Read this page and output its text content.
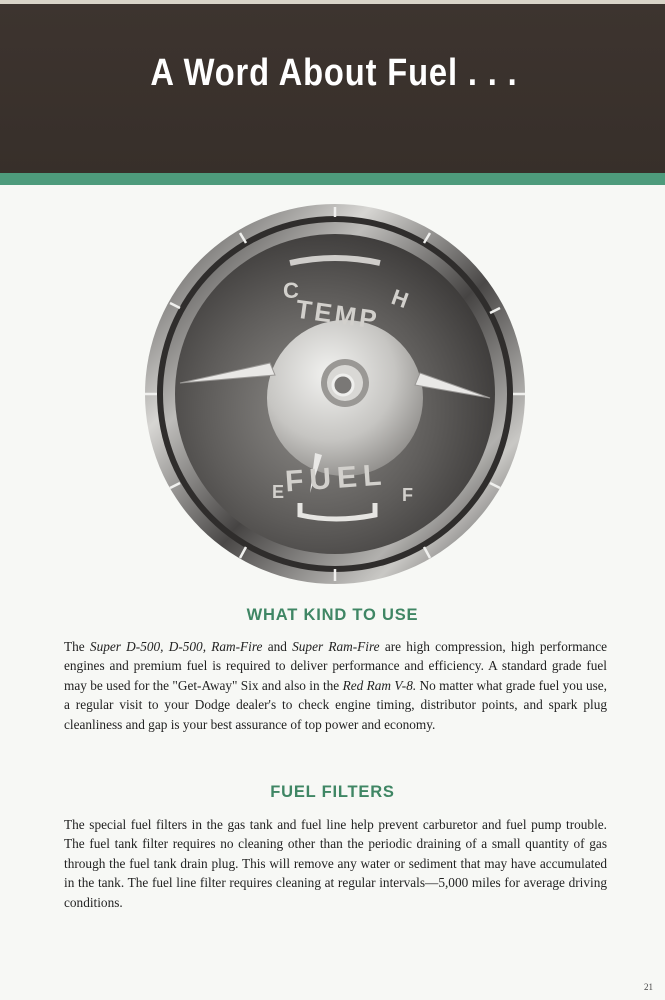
A Word About Fuel . . .
C	H
TEMP
FUEL
E	F
WHAT KIND TO USE
The Super D-500, D-500, Ram-Fire and Super Ram-Fire are high compression, high performance engines and premium fuel is required to deliver performance and efficiency. A standard grade fuel may be used for the "Get-Away" Six and also in the Red Ram V-8. No matter what grade fuel you use, a regular visit to your Dodge dealer's to check engine timing, distributor points, and spark plug cleanliness and gap is your best assurance of top power and economy.
FUEL FILTERS
The special fuel filters in the gas tank and fuel line help prevent carburetor and fuel pump trouble. The fuel tank filter requires no cleaning other than the periodic draining of a small quantity of gas through the fuel tank drain plug. This will remove any water or sediment that may have accumulated in the tank. The fuel line filter requires cleaning at regular intervals—5,000 miles for average driving conditions.
21
